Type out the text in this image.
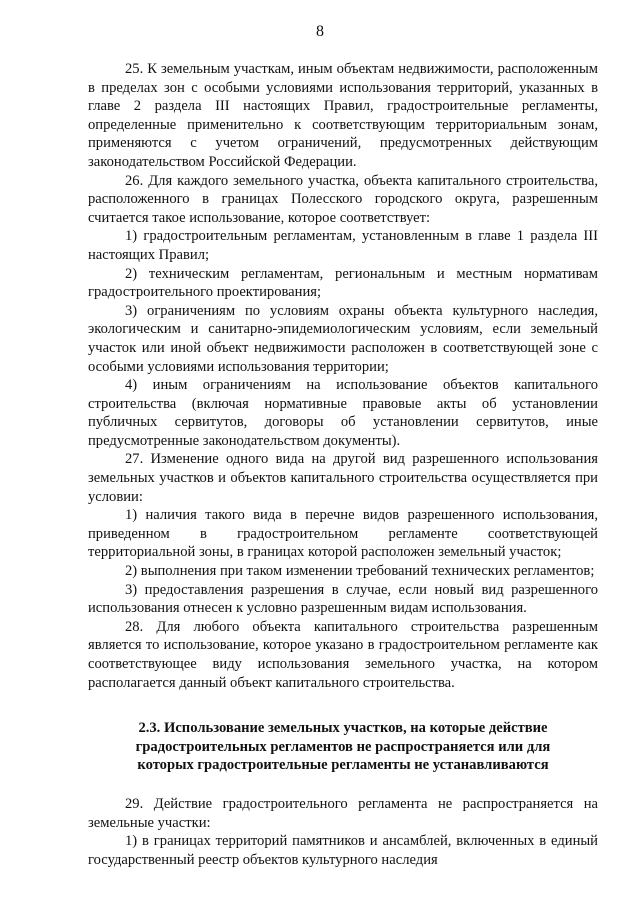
8

25. К земельным участкам, иным объектам недвижимости, расположенным в пределах зон с особыми условиями использования территорий, указанных в главе 2 раздела III настоящих Правил, градостроительные регламенты, определенные применительно к соответствующим территориальным зонам, применяются с учетом ограничений, предусмотренных действующим законодательством Российской Федерации.

26. Для каждого земельного участка, объекта капитального строительства, расположенного в границах Полесского городского округа, разрешенным считается такое использование, которое соответствует:

1) градостроительным регламентам, установленным в главе 1 раздела III настоящих Правил;

2) техническим регламентам, региональным и местным нормативам градостроительного проектирования;

3) ограничениям по условиям охраны объекта культурного наследия, экологическим и санитарно-эпидемиологическим условиям, если земельный участок или иной объект недвижимости расположен в соответствующей зоне с особыми условиями использования территории;

4) иным ограничениям на использование объектов капитального строительства (включая нормативные правовые акты об установлении публичных сервитутов, договоры об установлении сервитутов, иные предусмотренные законодательством документы).

27. Изменение одного вида на другой вид разрешенного использования земельных участков и объектов капитального строительства осуществляется при условии:

1) наличия такого вида в перечне видов разрешенного использования, приведенном в градостроительном регламенте соответствующей территориальной зоны, в границах которой расположен земельный участок;

2) выполнения при таком изменении требований технических регламентов;

3) предоставления разрешения в случае, если новый вид разрешенного использования отнесен к условно разрешенным видам использования.

28. Для любого объекта капитального строительства разрешенным является то использование, которое указано в градостроительном регламенте как соответствующее виду использования земельного участка, на котором располагается данный объект капитального строительства.

2.3. Использование земельных участков, на которые действие градостроительных регламентов не распространяется или для которых градостроительные регламенты не устанавливаются

29. Действие градостроительного регламента не распространяется на земельные участки:

1) в границах территорий памятников и ансамблей, включенных в единый государственный реестр объектов культурного наследия
